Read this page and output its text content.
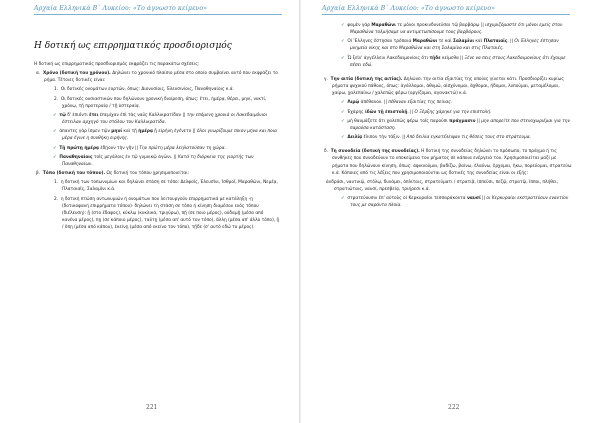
Αρχαία Ελληνικά Β΄ Λυκείου: «Το άγνωστο κείμενο»
Η δοτική ως επιρρηματικός προσδιορισμός

Η δοτική ως επιρρηματικός προσδιορισμός εκφράζει τις παρακάτω σχέσεις:

α. Χρόνο (δοτική του χρόνου). Δηλώνει το χρονικό πλαίσιο μέσα στο οποίο συμβαίνει αυτό που εκφράζει το ρήμα. Τέτοιες δοτικές είναι:

1. Οι δοτικές ονομάτων εορτών, όπως: Διονυσίοις, Ἐλευσινίοις, Παναθηναίοις κ.ά.

2. Οι δοτικές ουσιαστικών που δηλώνουν χρονική διαίρεση, όπως: ἔτει, ἡμέρᾳ, θέρει, μηνί, νυκτί, χρόνῳ, τῇ προτεραίᾳ / τῇ ὑστεραίᾳ.

✓ τῷ δ' ἐπιόντι ἔτει ἐπεμίχαν ἐπὶ τὰς ναῦς Καλλικρατίδαν || την επόμενη χρονιά οι Λακεδαιμόνιοι έστειλαν αρχηγό του στόλου τον Καλλικρατίδα.

✓ ἀπαντες γὰρ ἴσμεν τῷν μηνί καὶ τῇ ἡμέρᾳ ᾗ εἰρήνη ἐγένετο || όλοι γνωρίζουμε ποιον μήνα και ποια μέρα έγινε η συνθήκη ειρήνης.

✓ Τῇ πρώτῃ ἡμέρᾳ ἐδῄουν τὴν γῆν || Την πρώτη μέρα λεηλατούσαν τη χώρα.

✓ Παναθηναίοις τοῖς μεγάλοις ἐν τῷ γυμνικῷ ἀγῶνι. || Κατά τη διάρκεια της γιορτής των Παναθηναίων.

β. Τόπο (δοτική του τόπου). Ως δοτική του τόπου χρησιμοποιείται:

1. η δοτική των τοπωνυμίων και δηλώνει στάση σε τόπο: Δελφοῖς, Ἐλευσῖνι, Ἰσθμοῖ, Μαραθῶνι, Νεμέᾳ, Πλαταιαῖς, Σαλαμῖνι κ.ά.

2. η δοτική πτώση αντωνυμιών ή ονομάτων που λειτουργούν επιρρηματικά με κατάληξη -ῃ (δοτικοφανή επιρρήματα τόπου)· δηλώνει τη στάση σε τόπο ή κίνηση διαμέσου ενός τόπου (διέλευση): ᾗ (στο έδαφος), κύκλῳ (κυκλικά, τριγύρω), πῇ (σε ποιο μέρος), οὐδαμῇ (μέσα από κανένα μέρος), πῃ (σε κάποιο μέρος), ταύτῃ (μέσα απ' αυτό τον τόπο), ἄλλῃ (μέσα απ' άλλο τόπο), ᾗ / ὅπῃ (μέσα από κάπου), ἐκείνῃ (μέσα από εκείνο τον τόπο), τῇδε (σ' αυτό εδώ το μέρος).

221
Αρχαία Ελληνικά Β΄ Λυκείου: «Το άγνωστο κείμενο»

✓ φαμὲν γὰρ Μαραθῶνι τε μόνοι προκινδυνεῦσαι τῷ βαρβάρῳ || ισχυριζόμαστε ότι μόνοι εμείς στον Μαραθώνα τολμήσαμε να αντιμετωπίσουμε τους βαρβάρους.

✓ Οἱ Ἕλληνες ἔστησαν τρόπαια Μαραθῶνι τε καὶ Σαλαμῖνι καὶ Πλαταιαῖς. || Οι Έλληνες έστησαν μνημεία νίκης και στο Μαραθώνα και στη Σαλαμίνα και στις Πλαταιές.

✓ Ὦ ξεῖν' ἀγγέλλειν Λακεδαιμονίοις ὅτι τῇδε κείμεθα || Ξένε να πεις στους Λακεδαιμονίους ότι έχουμε πέσει εδώ.

γ. Την αιτία (δοτική της αιτίας). Δηλώνει την αιτία εξαιτίας της οποίας γίνεται κάτι. Προσδιορίζει κυρίως ρήματα ψυχικού πάθους, όπως: ἀγάλλομαι, ἀθυμῶ, αἰσχύνομαι, ἄχθομαι, ἥδομαι, λυποῦμαι, μεταμέλομαι, χαίρω, χαλεπαίνω / χαλεπῶς φέρω (οργίζομαι, αγανακτώ) κ.ά.

✓ Λιμῷ ἀπέθανον. || πέθαναν εξαιτίας της πείνας.

✓ Ἐχάρης ἰδὼν τῇ ἐπιστολῇ. || Ο Ξέρξης χάρηκε για την επιστολή.

✓ μὴ θαυμάζετε ὅτι χαλεπῶς φέρω τοῖς παροῦσι πράγμασιν || μην απορείτε που στενοχωριέμαι για την παρούσα κατάσταση.

✓ Δειλίᾳ ἔλιπον τὴν τάξιν. || Από δειλία εγκατέλειψαν τις θέσεις τους στο στράτευμα.

δ. Τη συνοδεία (δοτική της συνοδείας). Η δοτική της συνοδείας δηλώνει το πρόσωπο, το πράγμα ή τις συνθήκες που συνοδεύουν το υποκείμενο του ρήματος σε κάποια ενέργειά του. Χρησιμοποιείται μαζί με ρήματα που δηλώνουν κίνηση, όπως: ἀφικνοῦμαι, βαδίζω, βαίνω, ἐλαύνω, ἔρχομαι, ἥκω, πορεύομαι, στρατεύω κ.ά. Κάποιες από τις λέξεις που χρησιμοποιούνται ως δοτικές της συνοδείας είναι οι εξής:

ἀνδράσι, ναυτικῷ, στόλῳ, δυνάμει, ὁπλίταις, στρατεύματι / στρατιᾷ, ἱππεῦσι, πεζῷ, στρατῷ, ἵπποι, πλήθει, στρατιώταις, ναυσί, πρεσβείᾳ, τριήρεσι κ.ά.

✓ στρατεύουσιν ἐπ' αὐτοὺς οἱ Κερκυραῖοι τεσσαράκοντα ναυσί || οι Κερκυραίοι εκστρατεύουν εναντίον τους με σαράντα πλοία.

222
